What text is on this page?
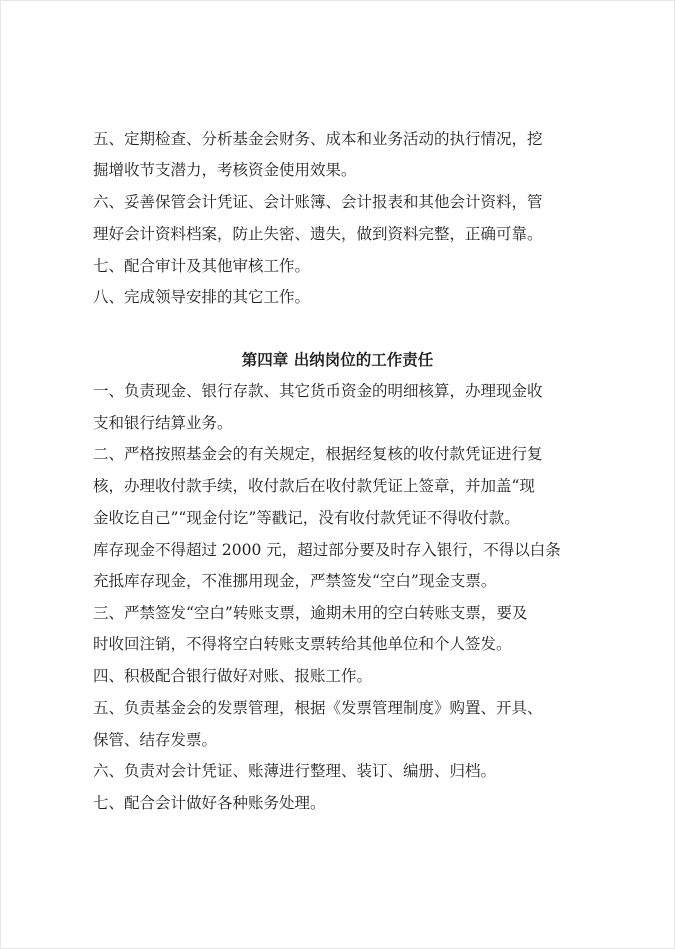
五、定期检查、分析基金会财务、成本和业务活动的执行情况，挖
掘增收节支潜力，考核资金使用效果。
六、妥善保管会计凭证、会计账簿、会计报表和其他会计资料，管
理好会计资料档案，防止失密、遗失，做到资料完整，正确可靠。
七、配合审计及其他审核工作。
八、完成领导安排的其它工作。
第四章 出纳岗位的工作责任
一、负责现金、银行存款、其它货币资金的明细核算，办理现金收
支和银行结算业务。
二、严格按照基金会的有关规定，根据经复核的收付款凭证进行复
核，办理收付款手续，收付款后在收付款凭证上签章，并加盖“现
金收讫自己”“现金付讫”等戳记，没有收付款凭证不得收付款。
库存现金不得超过 2000 元，超过部分要及时存入银行，不得以白条
充抵库存现金，不准挪用现金，严禁签发“空白”现金支票。
三、严禁签发“空白”转账支票，逾期未用的空白转账支票，要及
时收回注销，不得将空白转账支票转给其他单位和个人签发。
四、积极配合银行做好对账、报账工作。
五、负责基金会的发票管理，根据《发票管理制度》购置、开具、
保管、结存发票。
六、负责对会计凭证、账薄进行整理、装订、编册、归档。
七、配合会计做好各种账务处理。
